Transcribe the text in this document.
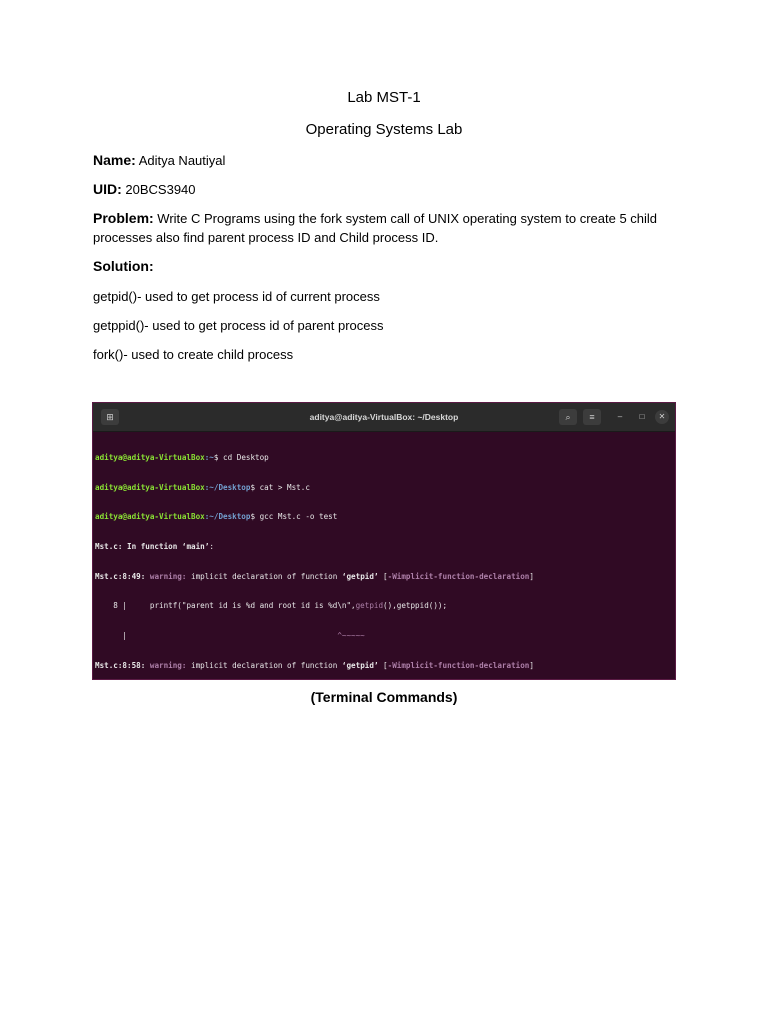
Lab MST-1
Operating Systems Lab
Name: Aditya Nautiyal
UID: 20BCS3940
Problem: Write C Programs using the fork system call of UNIX operating system to create 5 child processes also find parent process ID and Child process ID.
Solution:
getpid()- used to get process id of current process
getppid()- used to get process id of parent process
fork()- used to create child process
⊞	aditya@aditya-VirtualBox: ~/Desktop	⌕	≡	–	□	✕

aditya@aditya-VirtualBox:~$ cd Desktop

aditya@aditya-VirtualBox:~/Desktop$ cat > Mst.c

aditya@aditya-VirtualBox:~/Desktop$ gcc Mst.c -o test

Mst.c: In function ‘main’:

Mst.c:8:49: warning: implicit declaration of function ‘getpid’ [-Wimplicit-function-declaration]

8 |     printf("parent id is %d and root id is %d\n",getpid(),getppid());

|                                              ^~~~~~

Mst.c:8:58: warning: implicit declaration of function ‘getpid’ [-Wimplicit-function-declaration]

(Terminal Commands)
